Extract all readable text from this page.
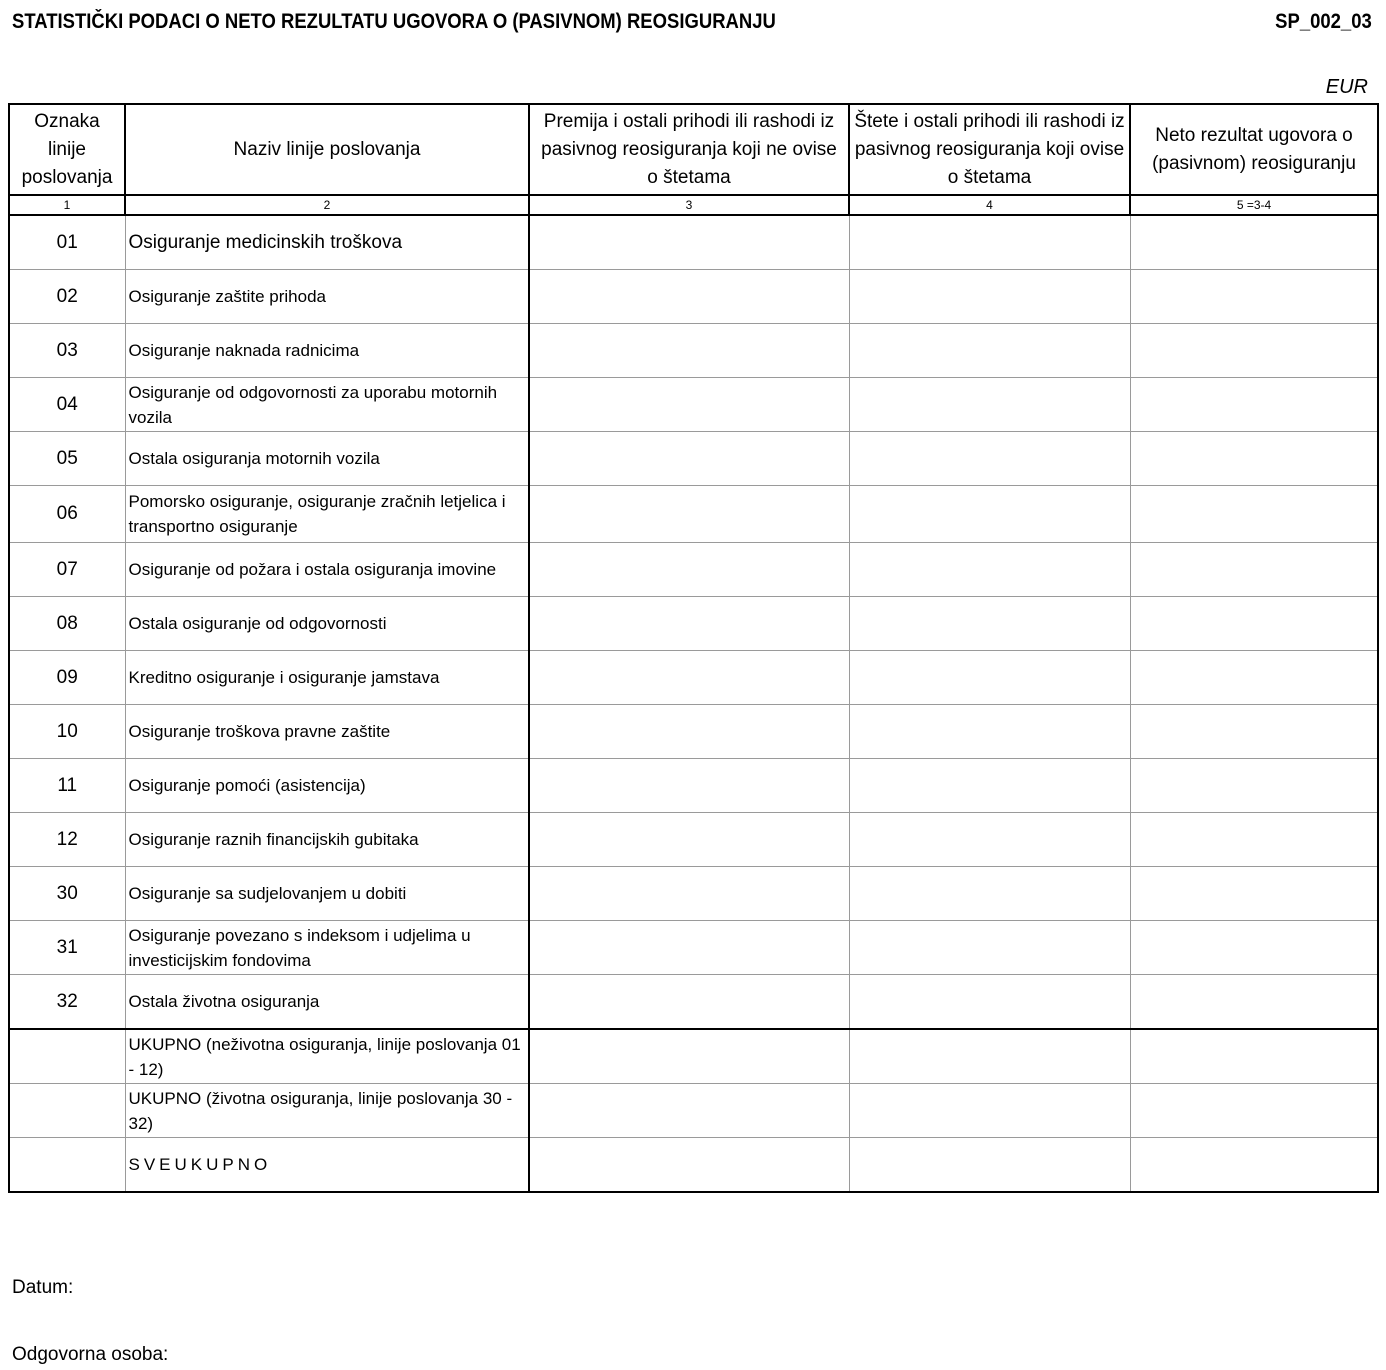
STATISTIČKI PODACI O NETO REZULTATU UGOVORA O (PASIVNOM) REOSIGURANJU	SP_002_03
EUR
Oznaka linije poslovanja	Naziv linije poslovanja	Premija i ostali prihodi ili rashodi iz pasivnog reosiguranja koji ne ovise o štetama	Štete i ostali prihodi ili rashodi iz pasivnog reosiguranja koji ovise o štetama	Neto rezultat ugovora o (pasivnom) reosiguranju
1	2	3	4	5 =3-4
01	Osiguranje medicinskih troškova			
02	Osiguranje zaštite prihoda			
03	Osiguranje naknada radnicima			
04	Osiguranje od odgovornosti za uporabu motornih vozila			
05	Ostala osiguranja motornih vozila			
06	Pomorsko osiguranje, osiguranje zračnih letjelica i transportno osiguranje			
07	Osiguranje od požara i ostala osiguranja imovine			
08	Ostala osiguranje od odgovornosti			
09	Kreditno osiguranje i osiguranje jamstava			
10	Osiguranje troškova pravne zaštite			
11	Osiguranje pomoći (asistencija)			
12	Osiguranje raznih financijskih gubitaka			
30	Osiguranje sa sudjelovanjem u dobiti			
31	Osiguranje povezano s indeksom i udjelima u investicijskim fondovima			
32	Ostala životna osiguranja			
	UKUPNO (neživotna osiguranja, linije poslovanja 01 - 12)			
	UKUPNO (životna osiguranja, linije poslovanja 30 - 32)			
	SVEUKUPNO			
Datum:
Odgovorna osoba:
